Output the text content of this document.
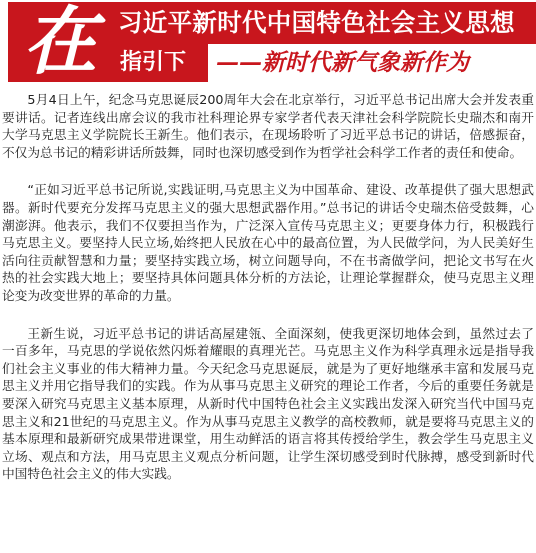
在 习近平新时代中国特色社会主义思想
指引下 ——新时代新气象新作为

5月4日上午，纪念马克思诞辰200周年大会在北京举行，习近平总书记出席大会并发表重要讲话。记者连线出席会议的我市社科理论界专家学者代表天津社会科学院院长史瑞杰和南开大学马克思主义学院院长王新生。他们表示，在现场聆听了习近平总书记的讲话，倍感振奋，不仅为总书记的精彩讲话所鼓舞，同时也深切感受到作为哲学社会科学工作者的责任和使命。

“正如习近平总书记所说,实践证明,马克思主义为中国革命、建设、改革提供了强大思想武器。新时代要充分发挥马克思主义的强大思想武器作用。”总书记的讲话令史瑞杰倍受鼓舞，心潮澎湃。他表示，我们不仅要担当作为，广泛深入宣传马克思主义；更要身体力行，积极践行马克思主义。要坚持人民立场,始终把人民放在心中的最高位置，为人民做学问，为人民美好生活向往贡献智慧和力量；要坚持实践立场，树立问题导向，不在书斋做学问，把论文书写在火热的社会实践大地上；要坚持具体问题具体分析的方法论，让理论掌握群众，使马克思主义理论变为改变世界的革命的力量。

王新生说，习近平总书记的讲话高屋建瓴、全面深刻，使我更深切地体会到，虽然过去了一百多年，马克思的学说依然闪烁着耀眼的真理光芒。马克思主义作为科学真理永远是指导我们社会主义事业的伟大精神力量。今天纪念马克思诞辰，就是为了更好地继承丰富和发展马克思主义并用它指导我们的实践。作为从事马克思主义研究的理论工作者，今后的重要任务就是要深入研究马克思主义基本原理，从新时代中国特色社会主义实践出发深入研究当代中国马克思主义和21世纪的马克思主义。作为从事马克思主义教学的高校教师，就是要将马克思主义的基本原理和最新研究成果带进课堂，用生动鲜活的语言将其传授给学生，教会学生马克思主义立场、观点和方法，用马克思主义观点分析问题，让学生深切感受到时代脉搏，感受到新时代中国特色社会主义的伟大实践。
